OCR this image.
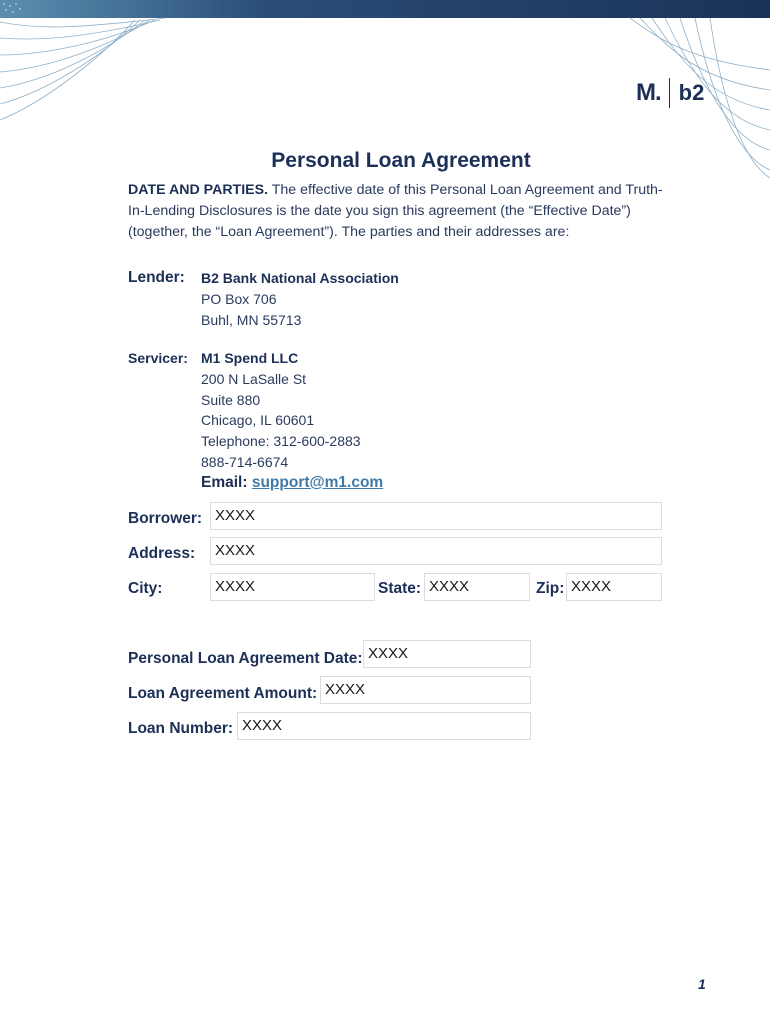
M. b2
Personal Loan Agreement
DATE AND PARTIES. The effective date of this Personal Loan Agreement and Truth-In-Lending Disclosures is the date you sign this agreement (the “Effective Date”) (together, the “Loan Agreement”). The parties and their addresses are:
Lender: B2 Bank National Association
PO Box 706
Buhl, MN 55713
Servicer: M1 Spend LLC
200 N LaSalle St
Suite 880
Chicago, IL 60601
Telephone: 312-600-2883
888-714-6674
Email: support@m1.com
Borrower: XXXX
Address:	XXXX
City:	XXXX	State: XXXX	Zip: XXXX
Personal Loan Agreement Date: XXXX
Loan Agreement Amount: XXXX
Loan Number: XXXX
1
